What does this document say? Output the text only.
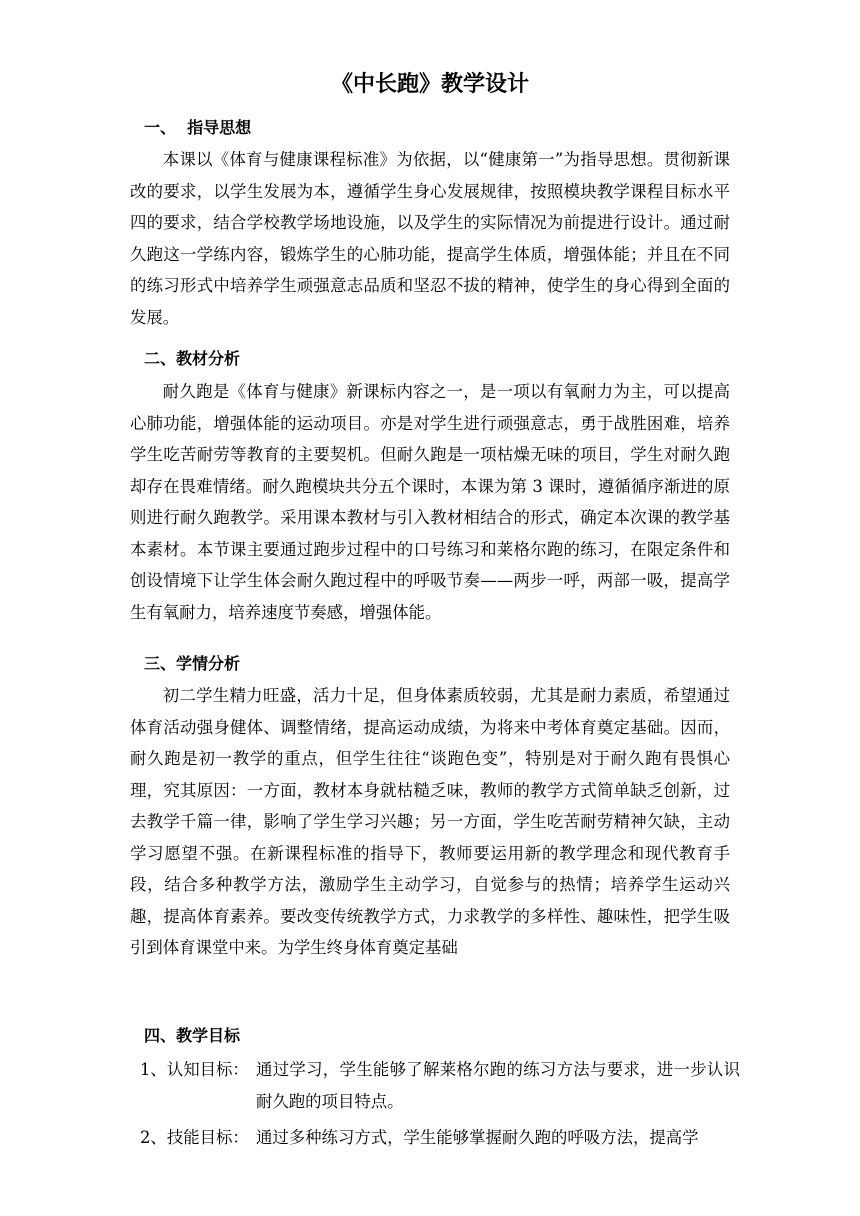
《中长跑》教学设计
一、  指导思想
本课以《体育与健康课程标准》为依据，以“健康第一”为指导思想。贯彻新课改的要求，以学生发展为本，遵循学生身心发展规律，按照模块教学课程目标水平四的要求，结合学校教学场地设施，以及学生的实际情况为前提进行设计。通过耐久跑这一学练内容，锻炼学生的心肺功能，提高学生体质，增强体能；并且在不同的练习形式中培养学生顽强意志品质和坚忍不拔的精神，使学生的身心得到全面的发展。
二、教材分析
耐久跑是《体育与健康》新课标内容之一，是一项以有氧耐力为主，可以提高心肺功能，增强体能的运动项目。亦是对学生进行顽强意志，勇于战胜困难，培养学生吃苦耐劳等教育的主要契机。但耐久跑是一项枯燥无味的项目，学生对耐久跑却存在畏难情绪。耐久跑模块共分五个课时，本课为第 3 课时，遵循循序渐进的原则进行耐久跑教学。采用课本教材与引入教材相结合的形式，确定本次课的教学基本素材。本节课主要通过跑步过程中的口号练习和莱格尔跑的练习，在限定条件和创设情境下让学生体会耐久跑过程中的呼吸节奏——两步一呼，两部一吸，提高学生有氧耐力，培养速度节奏感，增强体能。
三、学情分析
初二学生精力旺盛，活力十足，但身体素质较弱，尤其是耐力素质，希望通过体育活动强身健体、调整情绪，提高运动成绩，为将来中考体育奠定基础。因而，耐久跑是初一教学的重点，但学生往往“谈跑色变”，特别是对于耐久跑有畏惧心理，究其原因：一方面，教材本身就枯糙乏味，教师的教学方式简单缺乏创新，过去教学千篇一律，影响了学生学习兴趣；另一方面，学生吃苦耐劳精神欠缺，主动学习愿望不强。在新课程标准的指导下，教师要运用新的教学理念和现代教育手段，结合多种教学方法，激励学生主动学习，自觉参与的热情；培养学生运动兴趣，提高体育素养。要改变传统教学方式，力求教学的多样性、趣味性，把学生吸引到体育课堂中来。为学生终身体育奠定基础
四、教学目标
1、认知目标： 通过学习，学生能够了解莱格尔跑的练习方法与要求，进一步认识耐久跑的项目特点。
2、技能目标： 通过多种练习方式，学生能够掌握耐久跑的呼吸方法，提高学
